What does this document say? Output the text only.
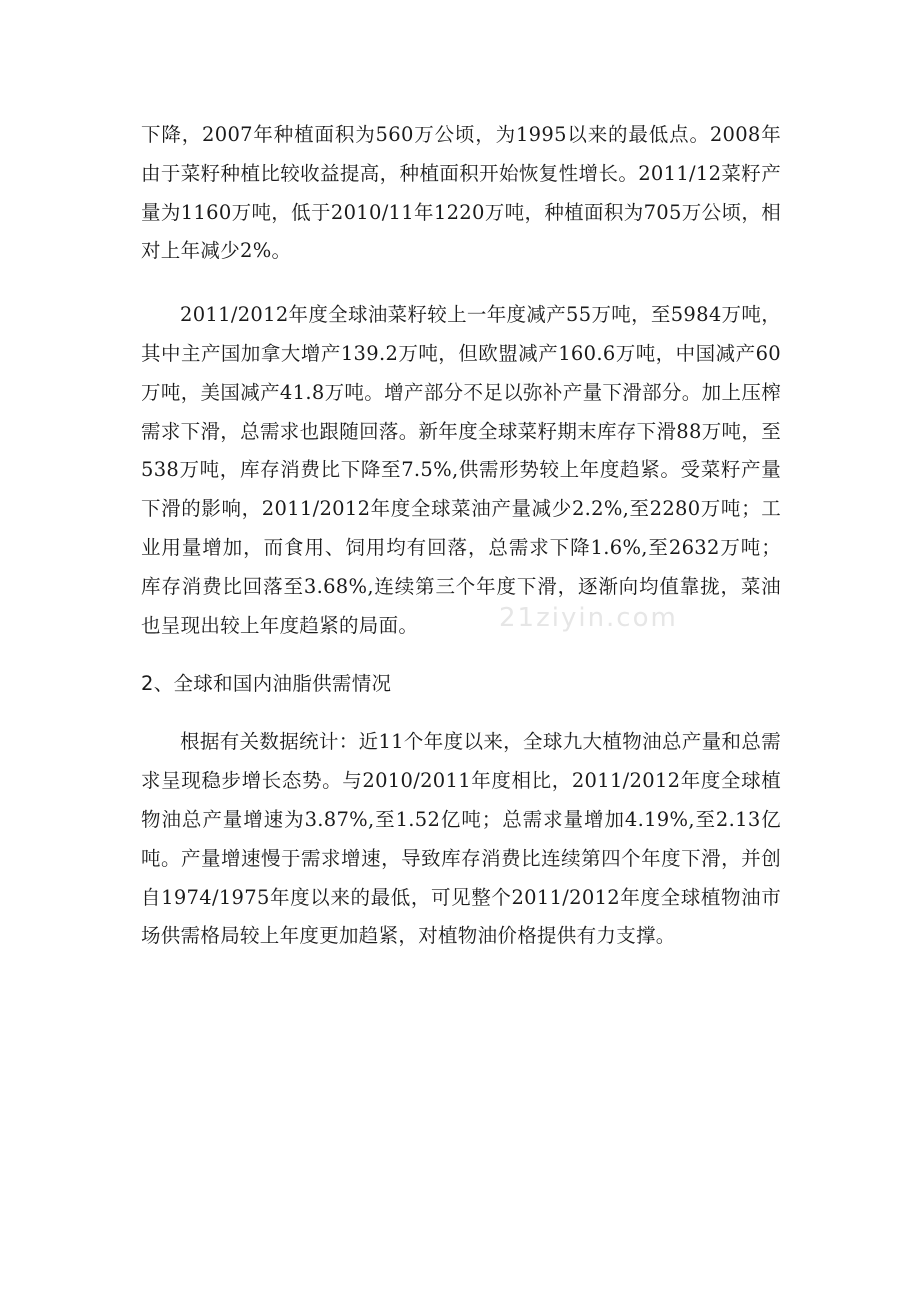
21ziyin.com

下降，2007年种植面积为560万公顷，为1995以来的最低点。2008年由于菜籽种植比较收益提高，种植面积开始恢复性增长。2011/12菜籽产量为1160万吨，低于2010/11年1220万吨，种植面积为705万公顷，相对上年减少2%。

2011/2012年度全球油菜籽较上一年度减产55万吨，至5984万吨，其中主产国加拿大增产139.2万吨，但欧盟减产160.6万吨，中国减产60万吨，美国减产41.8万吨。增产部分不足以弥补产量下滑部分。加上压榨需求下滑，总需求也跟随回落。新年度全球菜籽期末库存下滑88万吨，至538万吨，库存消费比下降至7.5%,供需形势较上年度趋紧。受菜籽产量下滑的影响，2011/2012年度全球菜油产量减少2.2%,至2280万吨；工业用量增加，而食用、饲用均有回落，总需求下降1.6%,至2632万吨；库存消费比回落至3.68%,连续第三个年度下滑，逐渐向均值靠拢，菜油也呈现出较上年度趋紧的局面。

2、全球和国内油脂供需情况

根据有关数据统计：近11个年度以来，全球九大植物油总产量和总需求呈现稳步增长态势。与2010/2011年度相比，2011/2012年度全球植物油总产量增速为3.87%,至1.52亿吨；总需求量增加4.19%,至2.13亿吨。产量增速慢于需求增速，导致库存消费比连续第四个年度下滑，并创自1974/1975年度以来的最低，可见整个2011/2012年度全球植物油市场供需格局较上年度更加趋紧，对植物油价格提供有力支撑。
